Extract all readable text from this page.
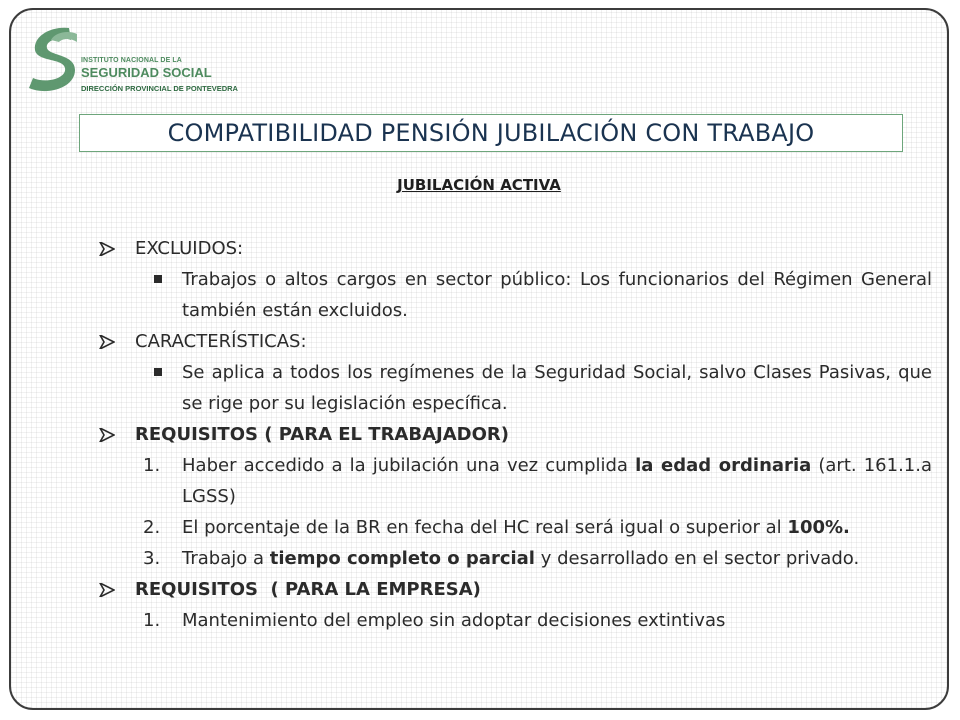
INSTITUTO NACIONAL DE LA
SEGURIDAD SOCIAL
DIRECCIÓN PROVINCIAL DE PONTEVEDRA
COMPATIBILIDAD PENSIÓN JUBILACIÓN CON TRABAJO
JUBILACIÓN ACTIVA
EXCLUIDOS:
Trabajos o altos cargos en sector público: Los funcionarios del Régimen General también están excluidos.
CARACTERÍSTICAS:
Se aplica a todos los regímenes de la Seguridad Social, salvo Clases Pasivas, que se rige por su legislación específica.
REQUISITOS ( PARA EL TRABAJADOR)
1. Haber accedido a la jubilación una vez cumplida la edad ordinaria (art. 161.1.a LGSS)
2. El porcentaje de la BR en fecha del HC real será igual o superior al 100%.
3. Trabajo a tiempo completo o parcial y desarrollado en el sector privado.
REQUISITOS  ( PARA LA EMPRESA)
1. Mantenimiento del empleo sin adoptar decisiones extintivas
